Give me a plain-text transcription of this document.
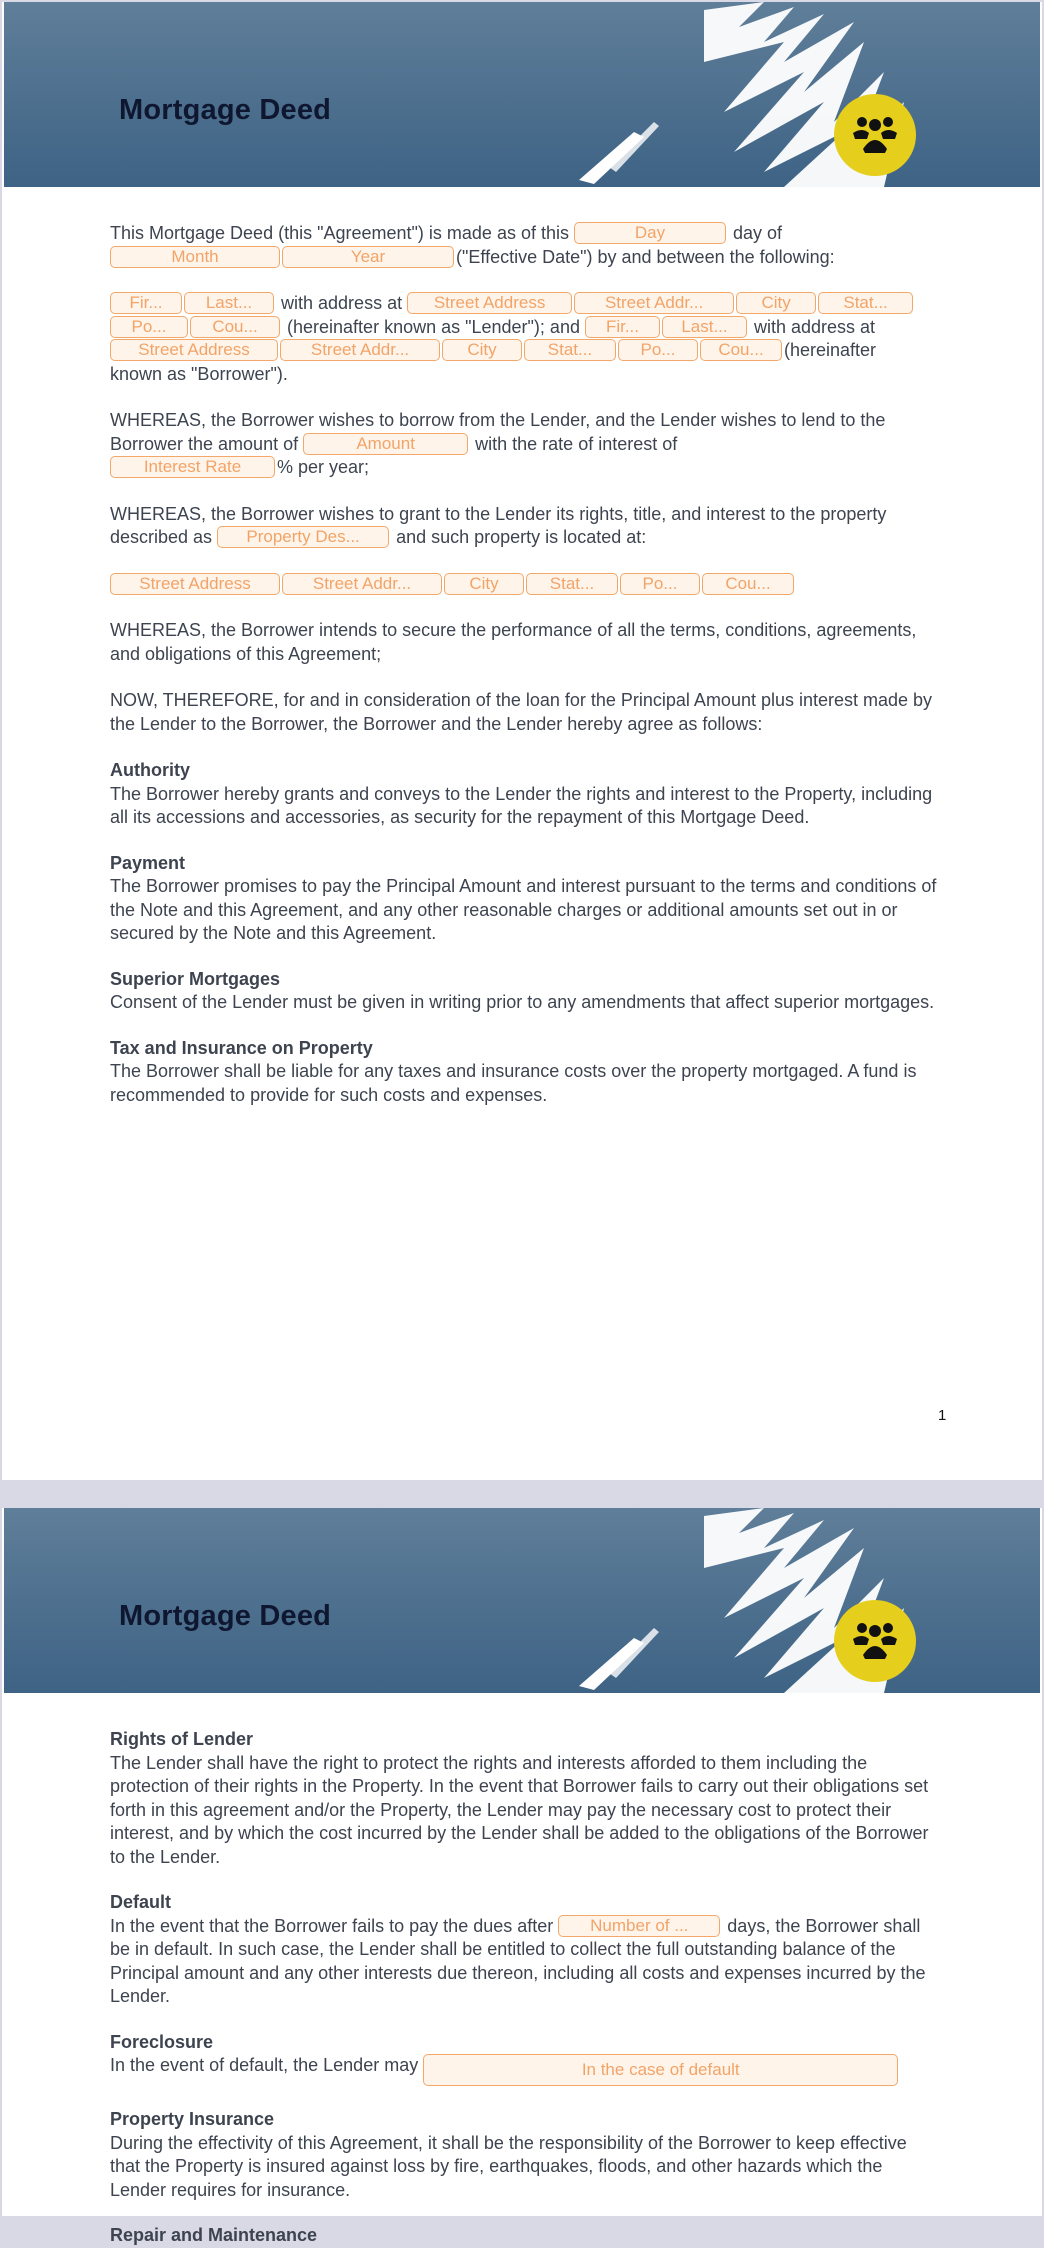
Mortgage Deed

This Mortgage Deed (this "Agreement") is made as of this	Day	day of
Month	Year	("Effective Date") by and between the following:

Fir...	Last... with address at Street Address	Street Addr...	City	Stat...
Po...	Cou... (hereinafter known as "Lender"); and Fir... Last... with address at
Street Address	Street Addr...	City	Stat...	Po...	Cou... (hereinafter
known as "Borrower").

WHEREAS, the Borrower wishes to borrow from the Lender, and the Lender wishes to lend to the Borrower the amount of	Amount	with the rate of interest of
Interest Rate % per year;

WHEREAS, the Borrower wishes to grant to the Lender its rights, title, and interest to the property described as Property Des... and such property is located at:

Street Address	Street Addr...	City	Stat...	Po...	Cou...

WHEREAS, the Borrower intends to secure the performance of all the terms, conditions, agreements, and obligations of this Agreement;

NOW, THEREFORE, for and in consideration of the loan for the Principal Amount plus interest made by the Lender to the Borrower, the Borrower and the Lender hereby agree as follows:

Authority
The Borrower hereby grants and conveys to the Lender the rights and interest to the Property, including all its accessions and accessories, as security for the repayment of this Mortgage Deed.
Payment
The Borrower promises to pay the Principal Amount and interest pursuant to the terms and conditions of the Note and this Agreement, and any other reasonable charges or additional amounts set out in or secured by the Note and this Agreement.
Superior Mortgages
Consent of the Lender must be given in writing prior to any amendments that affect superior mortgages.
Tax and Insurance on Property
The Borrower shall be liable for any taxes and insurance costs over the property mortgaged. A fund is recommended to provide for such costs and expenses.
1
Mortgage Deed
Rights of Lender
The Lender shall have the right to protect the rights and interests afforded to them including the protection of their rights in the Property. In the event that Borrower fails to carry out their obligations set forth in this agreement and/or the Property, the Lender may pay the necessary cost to protect their interest, and by which the cost incurred by the Lender shall be added to the obligations of the Borrower to the Lender.
Default
In the event that the Borrower fails to pay the dues after Number of ... days, the Borrower shall be in default. In such case, the Lender shall be entitled to collect the full outstanding balance of the Principal amount and any other interests due thereon, including all costs and expenses incurred by the Lender.
Foreclosure
In the event of default, the Lender may	In the case of default
Property Insurance
During the effectivity of this Agreement, it shall be the responsibility of the Borrower to keep effective that the Property is insured against loss by fire, earthquakes, floods, and other hazards which the Lender requires for insurance.
Repair and Maintenance
